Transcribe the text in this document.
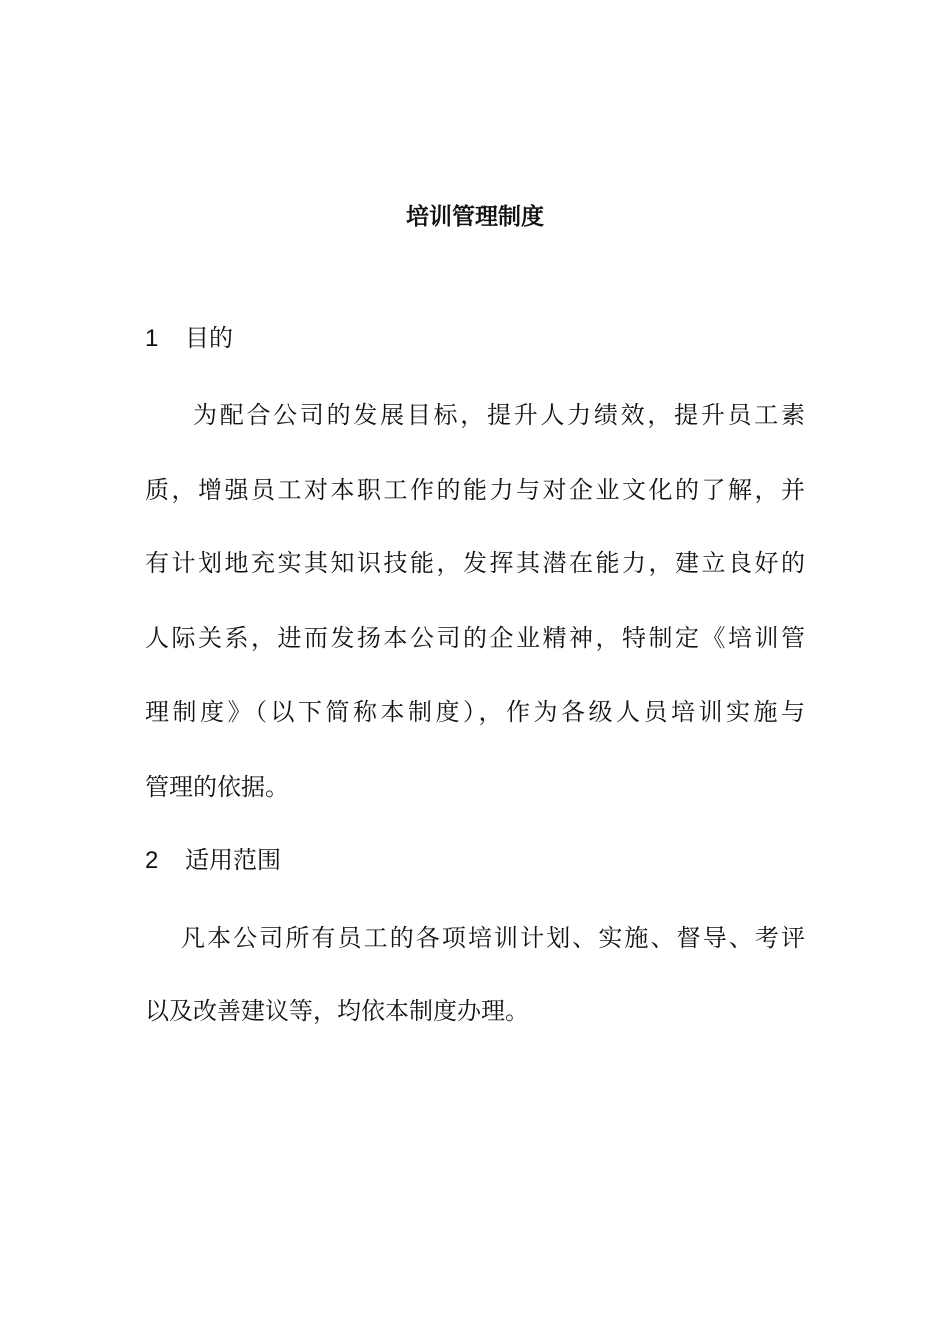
培训管理制度
1 目的
为配合公司的发展目标，提升人力绩效，提升员工素
质，增强员工对本职工作的能力与对企业文化的了解，并
有计划地充实其知识技能，发挥其潜在能力，建立良好的
人际关系，进而发扬本公司的企业精神，特制定《培训管
理制度》（以下简称本制度），作为各级人员培训实施与
管理的依据。
2 适用范围
凡本公司所有员工的各项培训计划、实施、督导、考评
以及改善建议等，均依本制度办理。
